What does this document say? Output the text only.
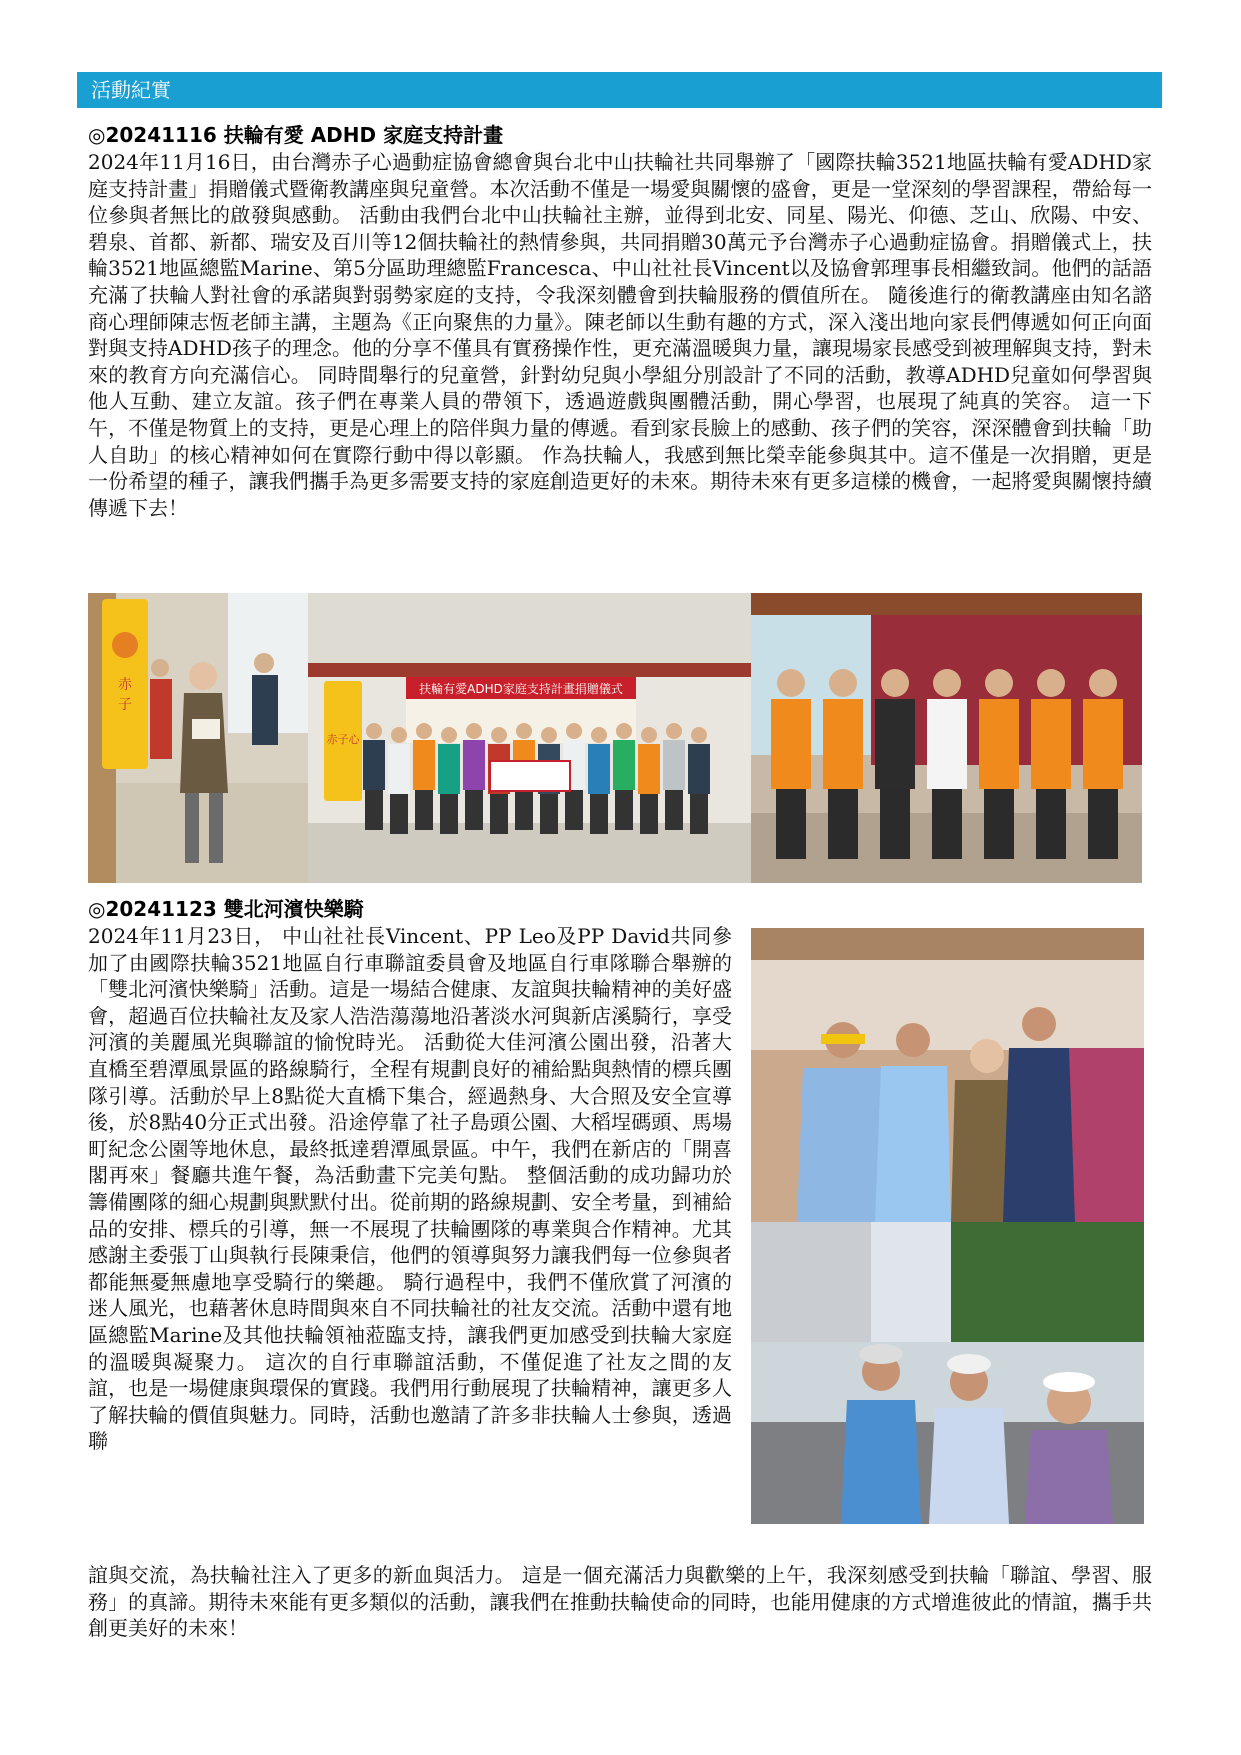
活動紀實
◎20241116 扶輪有愛 ADHD 家庭支持計畫

2024年11月16日，由台灣赤子心過動症協會總會與台北中山扶輪社共同舉辦了「國際扶輪3521地區扶輪有愛ADHD家庭支持計畫」捐贈儀式暨衛教講座與兒童營。本次活動不僅是一場愛與關懷的盛會，更是一堂深刻的學習課程，帶給每一位參與者無比的啟發與感動。 活動由我們台北中山扶輪社主辦，並得到北安、同星、陽光、仰德、芝山、欣陽、中安、碧泉、首都、新都、瑞安及百川等12個扶輪社的熱情參與，共同捐贈30萬元予台灣赤子心過動症協會。捐贈儀式上，扶輪3521地區總監Marine、第5分區助理總監Francesca、中山社社長Vincent以及協會郭理事長相繼致詞。他們的話語充滿了扶輪人對社會的承諾與對弱勢家庭的支持，令我深刻體會到扶輪服務的價值所在。 隨後進行的衛教講座由知名諮商心理師陳志恆老師主講，主題為《正向聚焦的力量》。陳老師以生動有趣的方式，深入淺出地向家長們傳遞如何正向面對與支持ADHD孩子的理念。他的分享不僅具有實務操作性，更充滿溫暖與力量，讓現場家長感受到被理解與支持，對未來的教育方向充滿信心。 同時間舉行的兒童營，針對幼兒與小學組分別設計了不同的活動，教導ADHD兒童如何學習與他人互動、建立友誼。孩子們在專業人員的帶領下，透過遊戲與團體活動，開心學習，也展現了純真的笑容。 這一下午，不僅是物質上的支持，更是心理上的陪伴與力量的傳遞。看到家長臉上的感動、孩子們的笑容，深深體會到扶輪「助人自助」的核心精神如何在實際行動中得以彰顯。 作為扶輪人，我感到無比榮幸能參與其中。這不僅是一次捐贈，更是一份希望的種子，讓我們攜手為更多需要支持的家庭創造更好的未來。期待未來有更多這樣的機會，一起將愛與關懷持續傳遞下去！

赤
子
扶輪有愛ADHD家庭支持計畫捐贈儀式
赤子心
◎20241123 雙北河濱快樂騎

2024年11月23日， 中山社社長Vincent、PP Leo及PP David共同參加了由國際扶輪3521地區自行車聯誼委員會及地區自行車隊聯合舉辦的「雙北河濱快樂騎」活動。這是一場結合健康、友誼與扶輪精神的美好盛會，超過百位扶輪社友及家人浩浩蕩蕩地沿著淡水河與新店溪騎行，享受河濱的美麗風光與聯誼的愉悅時光。 活動從大佳河濱公園出發，沿著大直橋至碧潭風景區的路線騎行，全程有規劃良好的補給點與熱情的標兵團隊引導。活動於早上8點從大直橋下集合，經過熱身、大合照及安全宣導後，於8點40分正式出發。沿途停靠了社子島頭公園、大稻埕碼頭、馬場町紀念公園等地休息，最終抵達碧潭風景區。中午，我們在新店的「開喜閣再來」餐廳共進午餐，為活動畫下完美句點。 整個活動的成功歸功於籌備團隊的細心規劃與默默付出。從前期的路線規劃、安全考量，到補給品的安排、標兵的引導，無一不展現了扶輪團隊的專業與合作精神。尤其感謝主委張丁山與執行長陳秉信，他們的領導與努力讓我們每一位參與者都能無憂無慮地享受騎行的樂趣。 騎行過程中，我們不僅欣賞了河濱的迷人風光，也藉著休息時間與來自不同扶輪社的社友交流。活動中還有地區總監Marine及其他扶輪領袖蒞臨支持，讓我們更加感受到扶輪大家庭的溫暖與凝聚力。 這次的自行車聯誼活動，不僅促進了社友之間的友誼，也是一場健康與環保的實踐。我們用行動展現了扶輪精神，讓更多人了解扶輪的價值與魅力。同時，活動也邀請了許多非扶輪人士參與，透過聯

誼與交流，為扶輪社注入了更多的新血與活力。 這是一個充滿活力與歡樂的上午，我深刻感受到扶輪「聯誼、學習、服務」的真諦。期待未來能有更多類似的活動，讓我們在推動扶輪使命的同時，也能用健康的方式增進彼此的情誼，攜手共創更美好的未來！
